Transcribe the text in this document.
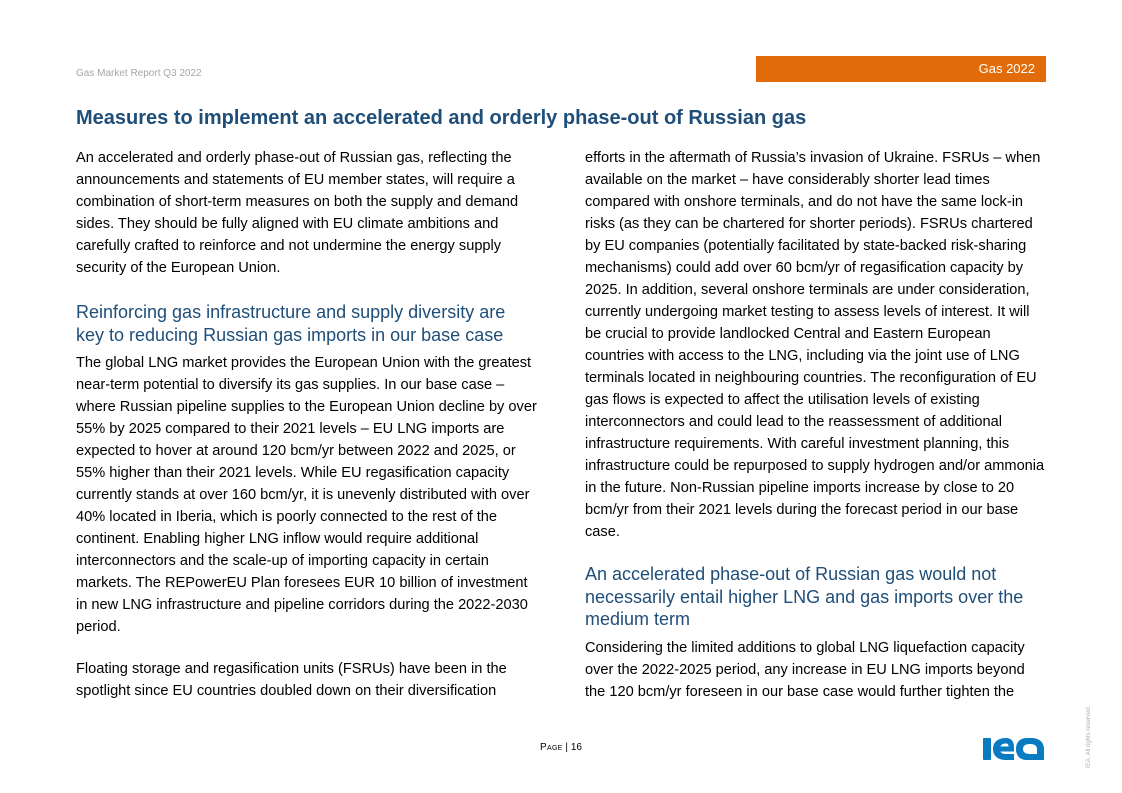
Gas Market Report Q3 2022	Gas 2022
Measures to implement an accelerated and orderly phase-out of Russian gas

An accelerated and orderly phase-out of Russian gas, reflecting the announcements and statements of EU member states, will require a combination of short-term measures on both the supply and demand sides. They should be fully aligned with EU climate ambitions and carefully crafted to reinforce and not undermine the energy supply security of the European Union.

Reinforcing gas infrastructure and supply diversity are key to reducing Russian gas imports in our base case

The global LNG market provides the European Union with the greatest near-term potential to diversify its gas supplies. In our base case – where Russian pipeline supplies to the European Union decline by over 55% by 2025 compared to their 2021 levels – EU LNG imports are expected to hover at around 120 bcm/yr between 2022 and 2025, or 55% higher than their 2021 levels. While EU regasification capacity currently stands at over 160 bcm/yr, it is unevenly distributed with over 40% located in Iberia, which is poorly connected to the rest of the continent. Enabling higher LNG inflow would require additional interconnectors and the scale-up of importing capacity in certain markets. The REPowerEU Plan foresees EUR 10 billion of investment in new LNG infrastructure and pipeline corridors during the 2022-2030 period.

Floating storage and regasification units (FSRUs) have been in the spotlight since EU countries doubled down on their diversification

efforts in the aftermath of Russia’s invasion of Ukraine. FSRUs – when available on the market – have considerably shorter lead times compared with onshore terminals, and do not have the same lock-in risks (as they can be chartered for shorter periods). FSRUs chartered by EU companies (potentially facilitated by state-backed risk-sharing mechanisms) could add over 60 bcm/yr of regasification capacity by 2025. In addition, several onshore terminals are under consideration, currently undergoing market testing to assess levels of interest. It will be crucial to provide landlocked Central and Eastern European countries with access to the LNG, including via the joint use of LNG terminals located in neighbouring countries. The reconfiguration of EU gas flows is expected to affect the utilisation levels of existing interconnectors and could lead to the reassessment of additional infrastructure requirements. With careful investment planning, this infrastructure could be repurposed to supply hydrogen and/or ammonia in the future. Non-Russian pipeline imports increase by close to 20 bcm/yr from their 2021 levels during the forecast period in our base case.

An accelerated phase-out of Russian gas would not necessarily entail higher LNG and gas imports over the medium term

Considering the limited additions to global LNG liquefaction capacity over the 2022-2025 period, any increase in EU LNG imports beyond the 120 bcm/yr foreseen in our base case would further tighten the

Page | 16	IEA. All rights reserved.
